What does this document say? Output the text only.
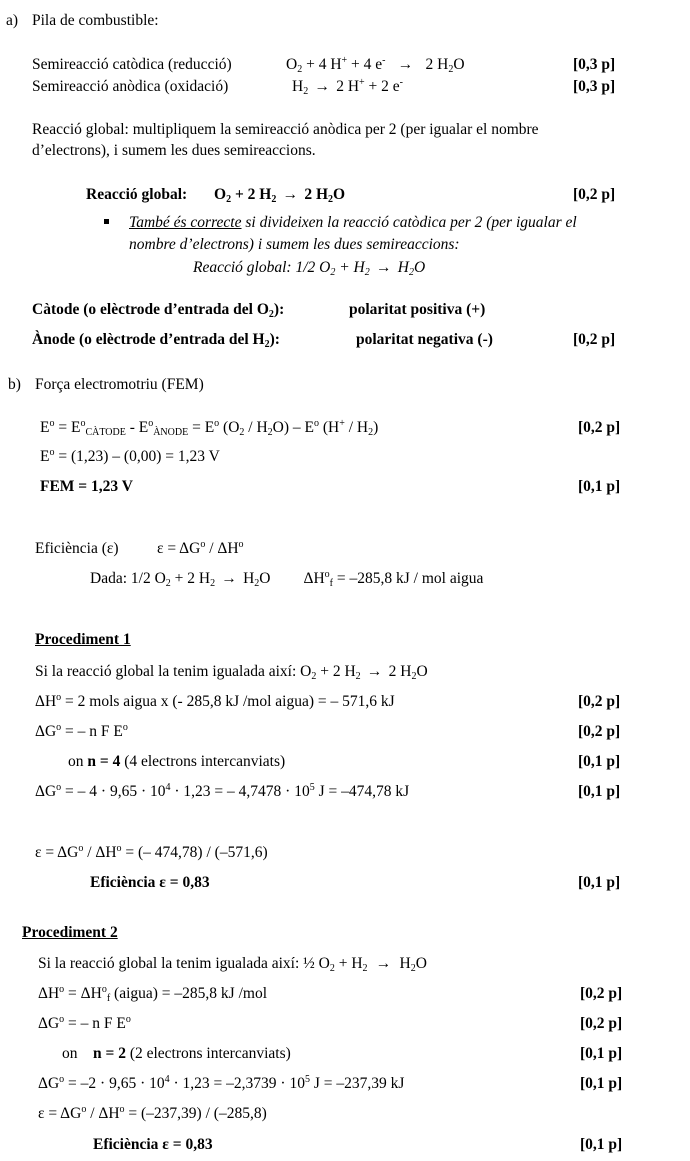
a) Pila de combustible:
Semireacció catòdica (reducció)	$O_2 + 4$ H+ + 4 e- → 2 $H_2O$	[0,3 p]
Semireacció anòdica (oxidació)	$H_2 \to 2$ H+ + 2 e-	[0,3 p]
Reacció global: multipliquem la semireacció anòdica per 2 (per igualar el nombre
d’electrons), i sumem les dues semireaccions.
Reacció global: $O_2 + 2$ $H_2 \to 2$ $H_2O$	[0,2 p]
També és correcte si divideixen la reacció catòdica per 2 (per igualar el
nombre d’electrons) i sumem les dues semireaccions:
Reacció global: 1/2 $O_2 + H_2 \to H_2O$
Càtode (o elèctrode d’entrada del $O_2$):	polaritat positiva (+)
Ànode (o elèctrode d’entrada del $H_2$):	polaritat negativa (-)	[0,2 p]
b) Força electromotriu (FEM)
$E^o = E^o_{CÀTODE} - E^o_{ÀNODE} = E^o$ $(O_2 / H_2O) - E^o$ $(H^+ / H_2)$	[0,2 p]
$E^o = (1,23) - (0,00) = 1,23$ V
FEM = 1,23 V	[0,1 p]
Eficiència (ε) $\varepsilon = \Delta G^o / \Delta H^o$
Dada: 1/2 $O_2 + 2$ $H_2 \to H_2O$ $\Delta H^o_f = -285,8$ kJ / mol aigua
Procediment 1
Si la reacció global la tenim igualada així: $O_2 + 2$ $H_2 \to 2$ $H_2O$
$\Delta H^o = 2$ mols aigua x (- 285,8 kJ /mol aigua) = – 571,6 kJ	[0,2 p]
$\Delta G^o$ = – n F $E^o$	[0,2 p]
on n = 4 (4 electrons intercanviats)	[0,1 p]
$\Delta G^o$ = – $4 \cdot 9,65 \cdot 10^4 \cdot 1,23$ = – $4,7478 \cdot 10^5$ J = –474,78 kJ	[0,1 p]
$\varepsilon = \Delta G^o / \Delta H^o$ = (– 474,78) / (–571,6)
Eficiència ε = 0,83	[0,1 p]
Procediment 2
Si la reacció global la tenim igualada així: ½ $O_2 + H_2 \to H_2O$
$\Delta H^o = \Delta H^o_f$ (aigua) = –285,8 kJ /mol	[0,2 p]
$\Delta G^o$ = – n F $E^o$	[0,2 p]
on    n = 2 (2 electrons intercanviats)	[0,1 p]
$\Delta G^o = -2 \cdot 9,65 \cdot 10^4 \cdot 1,23 = -2,3739 \cdot 10^5$ J = –237,39 kJ	[0,1 p]
$\varepsilon = \Delta G^o / \Delta H^o = (-237,39) / (-285,8)$
Eficiència ε = 0,83	[0,1 p]
